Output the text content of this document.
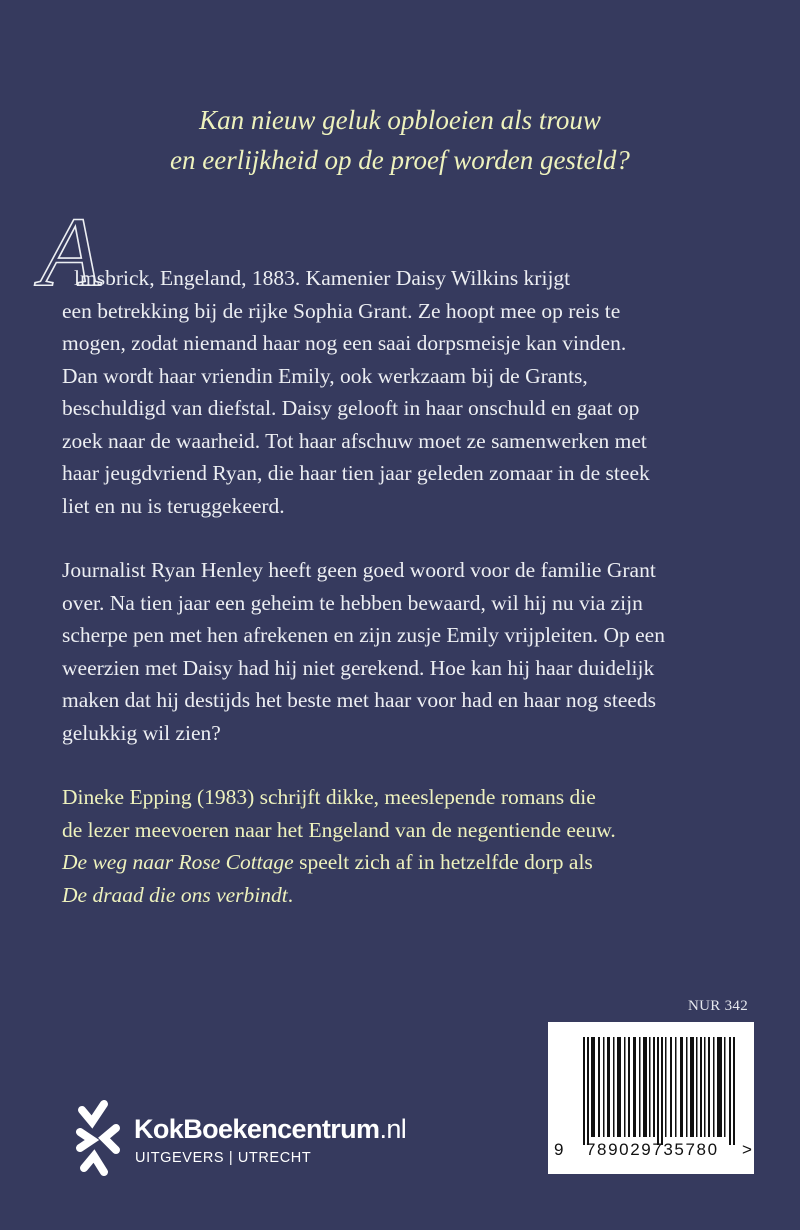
Kan nieuw geluk opbloeien als trouw
en eerlijkheid op de proef worden gesteld?

A
lmsbrick, Engeland, 1883. Kamenier Daisy Wilkins krijgt
een betrekking bij de rijke Sophia Grant. Ze hoopt mee op reis te
mogen, zodat niemand haar nog een saai dorpsmeisje kan vinden.
Dan wordt haar vriendin Emily, ook werkzaam bij de Grants,
beschuldigd van diefstal. Daisy gelooft in haar onschuld en gaat op
zoek naar de waarheid. Tot haar afschuw moet ze samenwerken met
haar jeugdvriend Ryan, die haar tien jaar geleden zomaar in de steek
liet en nu is teruggekeerd.

Journalist Ryan Henley heeft geen goed woord voor de familie Grant
over. Na tien jaar een geheim te hebben bewaard, wil hij nu via zijn
scherpe pen met hen afrekenen en zijn zusje Emily vrijpleiten. Op een
weerzien met Daisy had hij niet gerekend. Hoe kan hij haar duidelijk
maken dat hij destijds het beste met haar voor had en haar nog steeds
gelukkig wil zien?

Dineke Epping (1983) schrijft dikke, meeslepende romans die
de lezer meevoeren naar het Engeland van de negentiende eeuw.
De weg naar Rose Cottage speelt zich af in hetzelfde dorp als
De draad die ons verbindt.

NUR 342
9 789029735780 >
KokBoekencentrum.nl
UITGEVERS | UTRECHT
